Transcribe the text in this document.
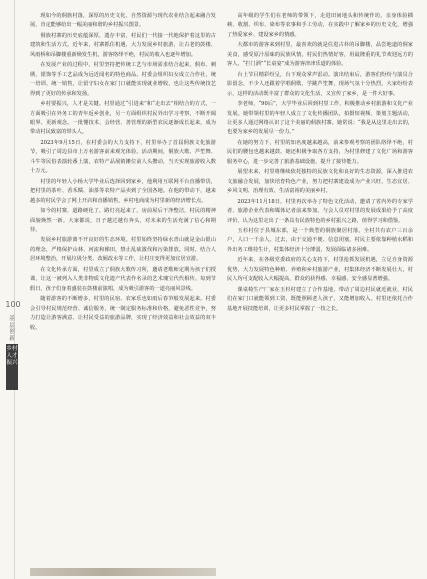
100
基层创新
乡村人才振兴

现如今的侗族村落，深厚的历史文化、自然资源与现代农业结合起来融合发展，肯定能够给出一幅美丽和谐的乡村振兴图景。

侗族村寨的历史底蕴深厚，遗存丰富，村民们一代接一代地保护着这里的古建筑和生活方式。近年来，村寨抓住机遇，大力发展乡村旅游，让古老的鼓楼、风雨桥和吊脚楼重新焕发生机，游客络绎不绝，村民的收入也逐年增加。

在发展产业的过程中，村里坚持把传统工艺与市场需求结合起来，侗布、刺绣、银饰等手工艺品成为远近闻名的特色商品。村委会组织妇女成立合作社，统一培训、统一销售，让留守妇女在家门口就能实现就业增收，也让这些传统技艺得到了更好的传承和发扬。

乡村要振兴，人才是关键。村里通过“引进来”和“走出去”相结合的方式，一方面吸引在外务工的青年返乡创业，另一方面组织村民外出学习考察，不断开阔眼界、更新观念。一批懂技术、会经营、善管理的新型农民逐渐成长起来，成为带动村民致富的带头人。

2023年9月15日，在村委会的大力支持下，村里举办了首届侗族文化旅游节，吸引了周边县市上万名游客前来观光体验。活动期间，侗族大歌、芦笙舞、斗牛等民俗表演轮番上演，农特产品展销摊位前人头攒动，当天实现旅游收入数十万元。

村里的年轻人小杨大学毕业后选择回到家乡，他利用互联网平台直播带货，把村里的茶叶、香禾糯、油茶等农特产品卖到了全国各地。在他的带动下，越来越多的村民学会了网上开店和直播销售，乡村电商成为村里新的经济增长点。

如今的村寨，道路硬化了，路灯亮起来了，房前屋后干净整洁，村民的精神面貌焕然一新。大家都说，日子越过越有奔头，对未来的生活充满了信心和期待。

发展乡村旅游离不开良好的生态环境。村里始终坚持绿水青山就是金山银山的理念，严格保护山林、河流和梯田，禁止乱砍滥伐和污染排放。同时，结合人居环境整治，开展垃圾分类、改厕改水等工作，让村庄变得更加宜居宜游。

在文化传承方面，村里成立了侗族大歌传习所，邀请老歌师定期为孩子们授课，让这一被列入人类非物质文化遗产代表作名录的艺术瑰宝代代相传。每到节假日，孩子们身着盛装在鼓楼前演唱，成为吸引游客的一道亮丽风景线。

随着游客的不断增多，村里的民宿、农家乐也如雨后春笋般发展起来。村委会引导村民规范经营、诚信服务，统一制定服务标准和价格，避免恶性竞争，努力打造让游客满意、让村民受益的旅游品牌，实现了经济效益和社会效益的双丰收。

高年级的学生们在老师的带领下，走进田间地头和传统作坊，亲身体验插秧、收割、织布、染布等农事和手工劳动，在实践中了解家乡的历史文化，增强了热爱家乡、建设家乡的情感。

大都市的游客来到村里，最喜欢的就是住进古朴的吊脚楼，品尝地道的侗家美食，感受原汁原味的民族风情。村民们热情好客，用最隆重的礼节欢迎远方的客人，“拦门酒”“长桌宴”成为游客津津乐道的体验。

台上节目精彩纷呈，台下观众掌声雷动。演出结束后，游客们纷纷与演员合影留念，不少人还跟着学唱侗歌、学跳芦笙舞，现场气氛十分热烈。大家纷纷表示，这样的活动既丰富了群众的文化生活，又宣传了家乡，是一件大好事。

李老师，“90后”，大学毕业后回到村里工作，积极推动乡村旅游和文化产业发展。她带领村里的年轻人成立了文化传播团队，拍摄短视频、策划主题活动，让更多人通过网络认识了这个美丽的侗族村寨。她常说：“我是从这里走出去的，也要为家乡的发展尽一份力。”

在她的努力下，村里的知名度越来越高，前来参观考察的团队络绎不绝，村民们的腰包也越来越鼓。她还积极争取各方支持，为村里修建了文化广场和游客服务中心，进一步完善了旅游基础设施，提升了接待能力。

展望未来，村里将继续依托独特的民族文化和良好的生态资源，深入推进农文旅融合发展，加快培育特色产业，努力把村寨建设成为产业兴旺、生态宜居、乡风文明、治理有效、生活富裕的美丽乡村。

2023年11月18日，村里再次举办了特色文化活动，邀请了省内外的专家学者、旅游企业代表和媒体记者前来参加。与会人员对村里的发展成果给予了高度评价，认为这里走出了一条具有民族特色的乡村振兴之路，值得学习和借鉴。

玉杉村位于县城东部，是一个典型的侗族聚居村落，全村共有农户三百余户，人口一千余人。过去，由于交通不便、信息闭塞，村民主要依靠种植水稻和外出务工维持生计，村集体经济十分薄弱，发展面临诸多困难。

近年来，在各级党委政府的关心支持下，村里抢抓发展机遇，立足自身资源优势，大力发展特色种植、养殖和乡村旅游产业，村集体经济不断发展壮大，村民人均可支配收入大幅提高，群众的获得感、幸福感、安全感显著增强。

课桌椅生产厂家在玉杉村建立了合作基地，带动了周边村民就近就业，村民们在家门口就能领到工资，既能照顾老人孩子，又能增加收入。村里还依托合作基地开展技能培训，让更多村民掌握了一技之长。
